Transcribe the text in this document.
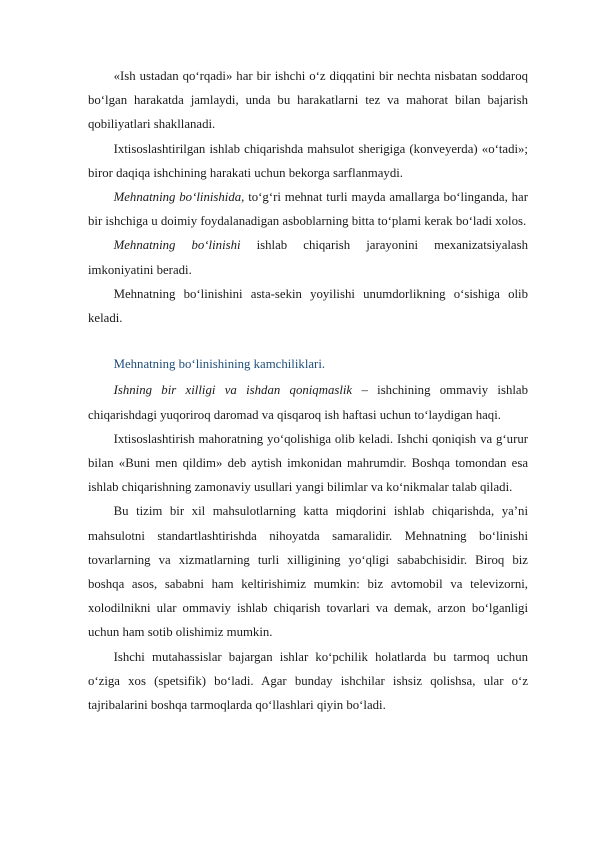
  «Ish ustadan qoʻrqadi» har bir ishchi oʻz diqqatini bir nechta nisbatan soddaroq boʻlgan harakatda jamlaydi, unda bu harakatlarni tez va mahorat bilan bajarish qobiliyatlari shakllanadi.

  Ixtisoslashtirilgan ishlab chiqarishda mahsulot sherigiga (konveyerda) «oʻtadi»; biror daqiqa ishchining harakati uchun bekorga sarflanmaydi.

  Mehnatning boʻlinishida, toʻgʻri mehnat turli mayda amallarga boʻlinganda, har bir ishchiga u doimiy foydalanadigan asboblarning bitta toʻplami kerak boʻladi xolos.

  Mehnatning boʻlinishi ishlab chiqarish jarayonini mexanizatsiyalash imkoniyatini beradi.

  Mehnatning boʻlinishini asta-sekin yoyilishi unumdorlikning oʻsishiga olib keladi.

  Mehnatning boʻlinishining kamchiliklari.

  Ishning bir xilligi va ishdan qoniqmaslik – ishchining ommaviy ishlab chiqarishdagi yuqoriroq daromad va qisqaroq ish haftasi uchun toʻlaydigan haqi.

  Ixtisoslashtirish mahoratning yoʻqolishiga olib keladi. Ishchi qoniqish va gʻurur bilan «Buni men qildim» deb aytish imkonidan mahrumdir. Boshqa tomondan esa ishlab chiqarishning zamonaviy usullari yangi bilimlar va koʻnikmalar talab qiladi.

  Bu tizim bir xil mahsulotlarning katta miqdorini ishlab chiqarishda, ya’ni mahsulotni standartlashtirishda nihoyatda samaralidir. Mehnatning boʻlinishi tovarlarning va xizmatlarning turli xilligining yoʻqligi sababchisidir. Biroq biz boshqa asos, sababni ham keltirishimiz mumkin: biz avtomobil va televizorni, xolodilnikni ular ommaviy ishlab chiqarish tovarlari va demak, arzon boʻlganligi uchun ham sotib olishimiz mumkin.

  Ishchi mutahassislar bajargan ishlar koʻpchilik holatlarda bu tarmoq uchun oʻziga xos (spetsifik) boʻladi. Agar bunday ishchilar ishsiz qolishsa, ular oʻz tajribalarini boshqa tarmoqlarda qoʻllashlari qiyin boʻladi.
